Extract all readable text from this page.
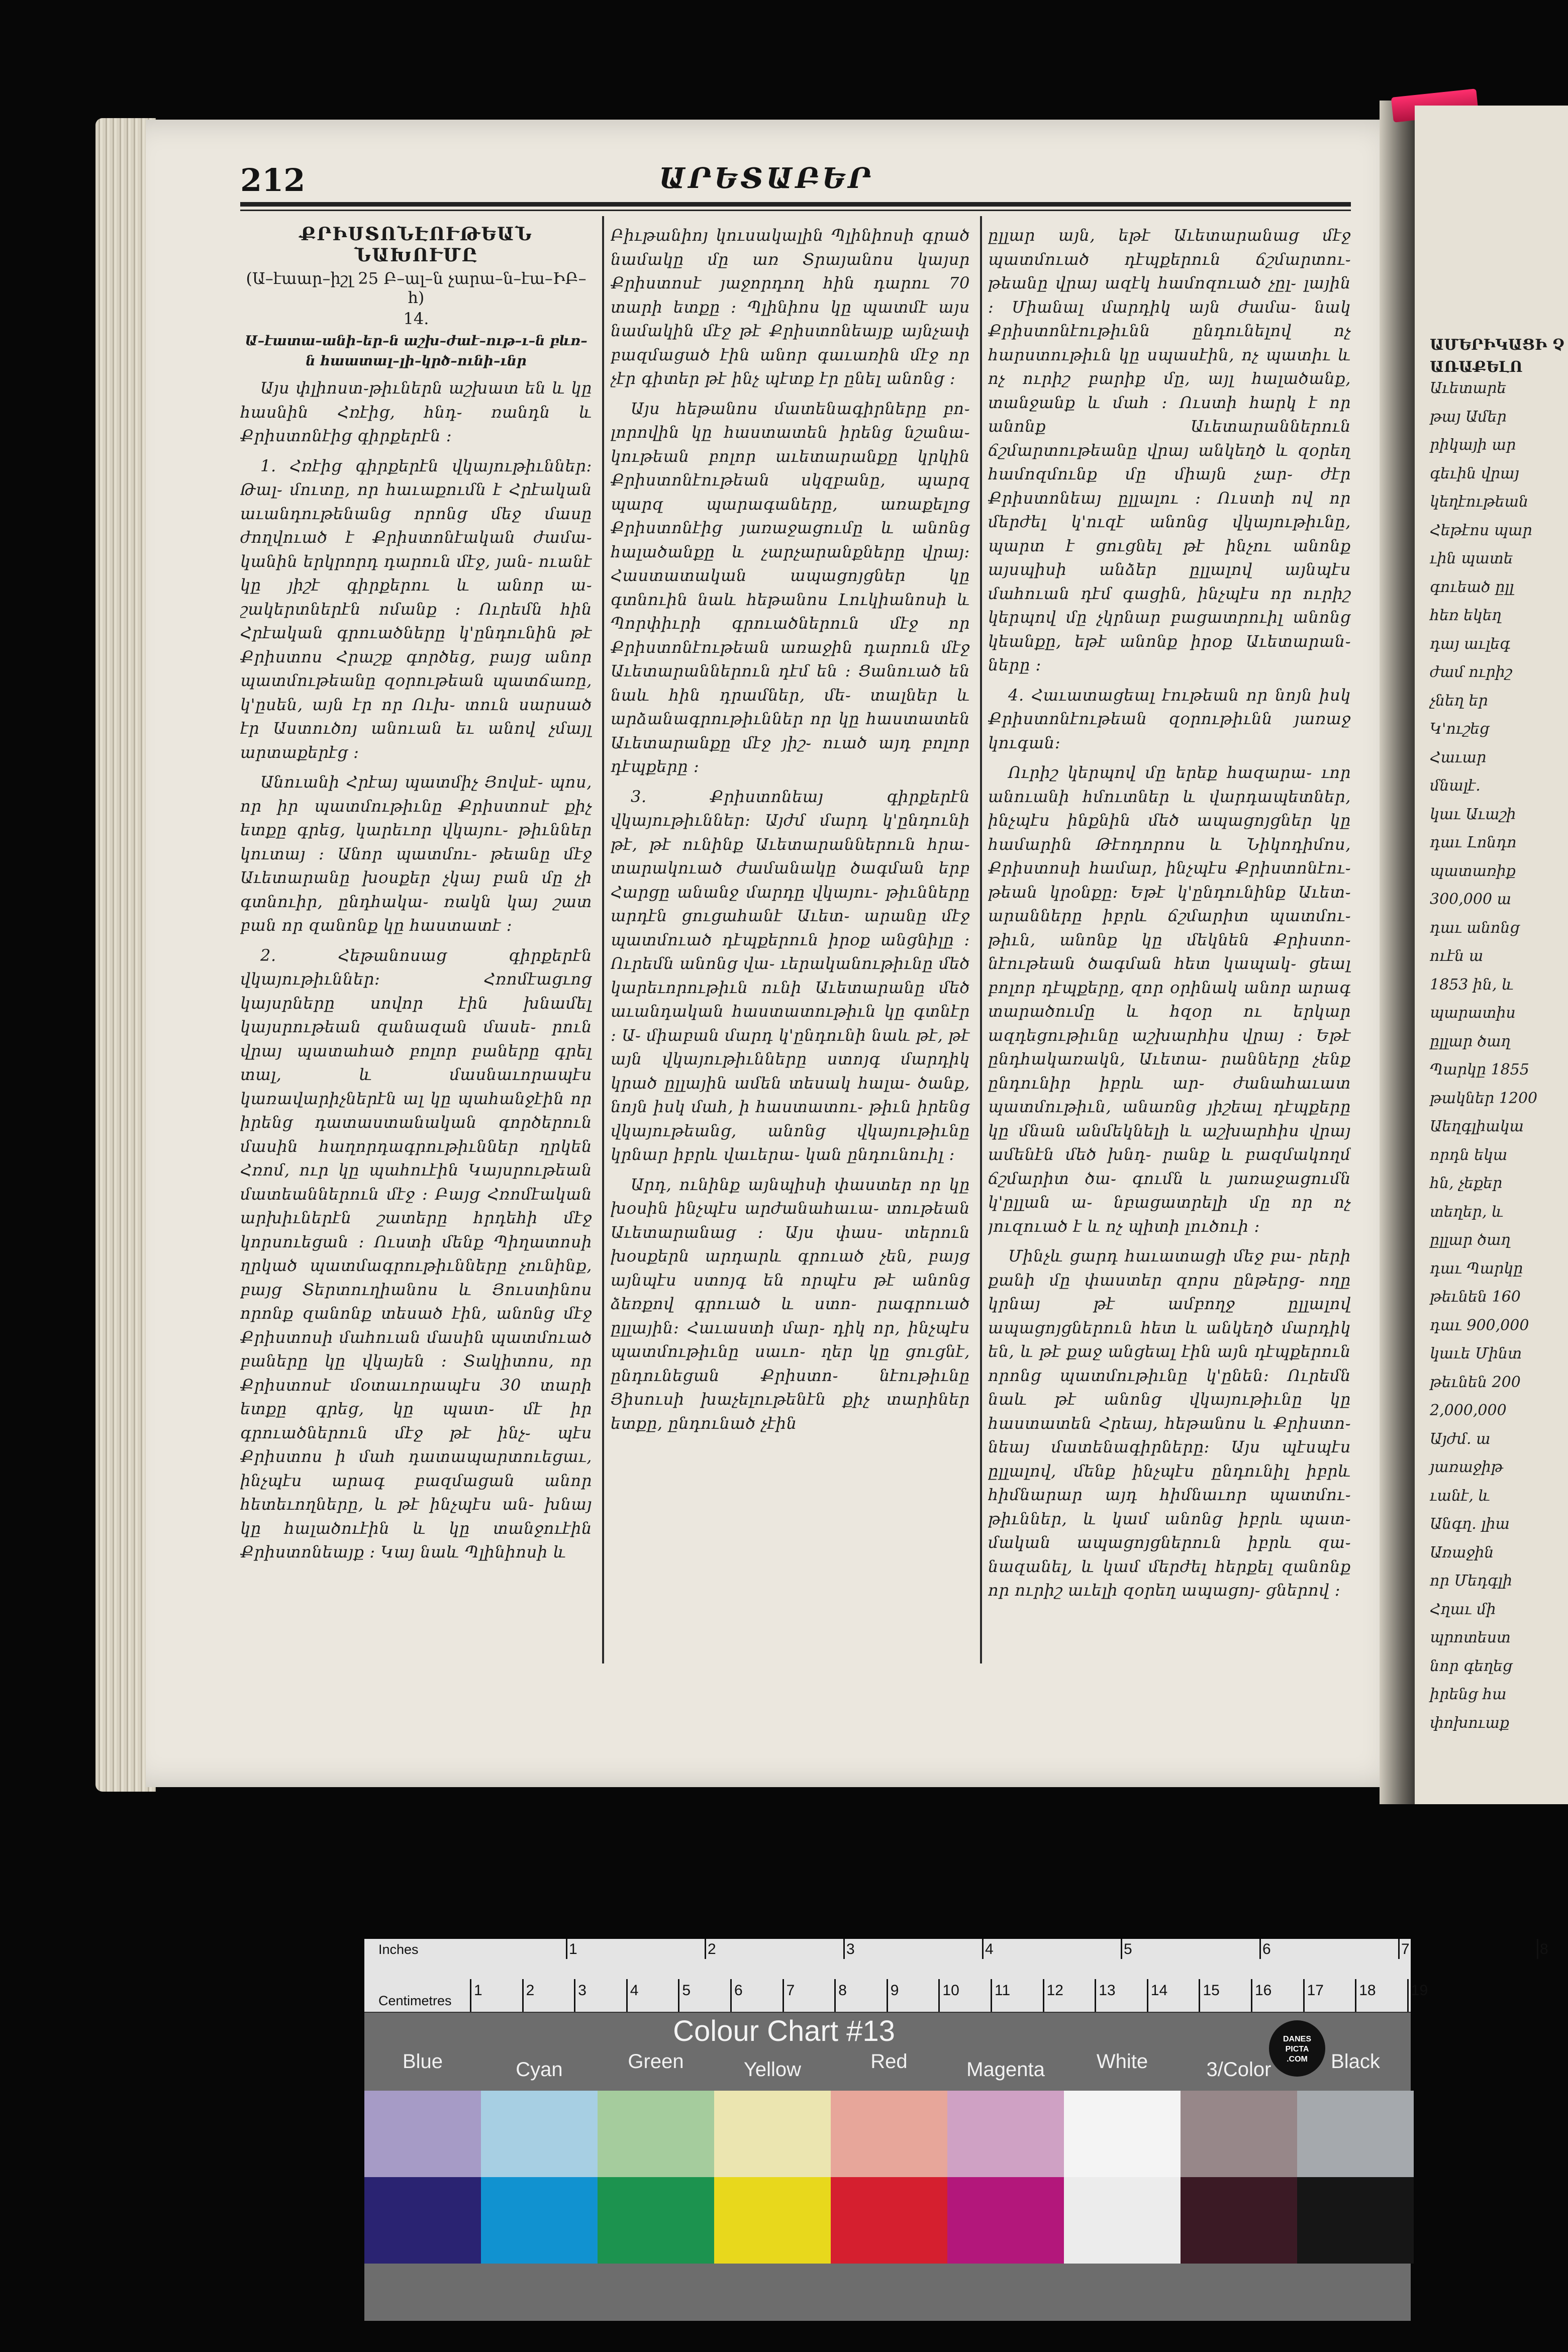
ԱՄԵՐԻԿԱՑԻ Չ
ԱՌԱՔԵԼՈ
Աւետարե
թայ Ամեր
րիկայի ար
գեւին վրայ
կեղէութեան
Հեթէոս պար
ւին պատե
գուեած ըլլ
հեռ եկեղ
դայ աւլեգ
ժամ ուրիշ
չնեղ եր
Կ'ուշեց
Հաւար
մնալէ.
կաւ Աւաշի
դաւ Լոնդո
պատառիք
300,000 ա
դաւ անոնց
ուէն ա
1853 ին, և
պարատիս
ըլլար ծաղ
Պարկը 1855
թակներ 1200
Աեղգլիակա
որդն եկա
հն, չեքեր
տեղեր, և
ըլլար ծաղ
դաւ Պարկը
թեւնեն 160
դաւ 900,000
կաւե Մինտ
թեւնեն 200
2,000,000
Այժմ. ա
յառաջիթ
ւանէ, և
Անգղ. լիա
Առաջին
որ Մեդգլի
Հղաւ մի
պրոտեստ
նոր գեղեց
իրենց հա
փոխուաք
212	ԱՐԵՏԱԲԵՐ
ՔՐԻՍՏՈՆԷՈՒԹԵԱՆ ՆԱԽՈՒՄԸ
(Ա–էաար–իշլ 25 Բ–ալ–ն չարա–ն–էա–ԻԲ–հ)
14.
Ա–էատա–անի–եր–ն աշխ–ժաէ–ութ–ւ–ն բևռ–ն հաատալ–լի–կրծ–ունի–ւնր

Այս փլիոստ֊թիւներն աշխատ են և կը հասնին Հռէից, հնդ֊ ռանդն և Քրիստոնէից գիրքերէն ։

1. Հռէից գիրքերէն վկայութիւններ։ Թալ֊ մուտը, որ հաւաքումն է Հրէական աւանդութենանց որոնց մեջ մասը ժողվուած է Քրիստոնէական ժամա֊ կանին երկրորդ դարուն մէջ, յան֊ ուանէ կը յիշէ գիրքերու և անոր ա֊ շակերտներէն ոմանք ։ Ուրեմն հին Հրէական գրուածները կ'ընդունին թէ Քրիստոս Հրաշք գործեց, բայց անոր պատմութեանը զօրութեան պատճառը, կ'ըսեն, այն էր որ Ուխ֊ տուն սարսած էր Աստուծոյ անուան եւ անով չմայլ արտաքերէց ։

Անուանի Հրէայ պատմիչ Յովսէ֊ պոս, որ իր պատմութիւնը Քրիստոսէ քիչ ետքը գրեց, կարեւոր վկայու֊ թիւններ կուտայ ։ Անոր պատմու֊ թեանը մէջ Աւետարանը խօսքեր չկայ բան մը չի գտնուիր, ընդհակա֊ ռակն կայ շատ բան որ զանոնք կը հաստատէ ։

2. Հեթանոսաց գիրքերէն վկայութիւններ։ Հռոմէացւոց կայսրները սովոր էին խնամել կայսրութեան զանազան մասե֊ րուն վրայ պատահած բոլոր բաները գրել տալ, և մասնաւորապէս կառավարիչներէն ալ կը պահանջէին որ իրենց դատաստանական գործերուն մասին հաղորդագրութիւններ ղրկեն Հռոմ, ուր կը պահուէին Կայսրութեան մատեաններուն մէջ ։ Բայց Հռոմէական արխիւներէն շատերը հրդեհի մէջ կորսուեցան ։ Ուստի մենք Պիղատոսի ղրկած պատմագրութիւնները չունինք, բայց Տերտուղիանոս և Յուստինոս որոնք զանոնք տեսած էին, անոնց մէջ Քրիստոսի մահուան մասին պատմուած բաները կը վկայեն ։ Տակիտոս, որ Քրիստոսէ մօտաւորապէս 30 տարի ետքը գրեց, կը պատ֊ մէ իր գրուածներուն մէջ թէ ինչ֊ պէս Քրիստոս ի մահ դատապարտուեցաւ, ինչպէս արագ բազմացան անոր հետեւողները, և թէ ինչպէս ան֊ խնայ կը հալածուէին և կը տանջուէին Քրիստոնեայք ։ Կայ նաև Պլինիոսի և

Բիւթանիոյ կուսակալին Պլինիոսի գրած նամակը մը առ Տրայանոս կայսր Քրիստոսէ յաջորդող հին դարու 70 տարի ետքը ։ Պլինիոս կը պատմէ այս նամակին մէջ թէ Քրիստոնեայք այնչափ բազմացած էին անոր գաւառին մէջ որ չէր գիտեր թէ ինչ պէտք էր ընել անոնց ։

Այս հեթանոս մատենագիրները բո֊ լորովին կը հաստատեն իրենց նշանա֊ կութեան բոլոր աւետարանքը կրկին Քրիստոնէութեան սկզբանը, պարզ պարզ պարագաները, առաքելոց Քրիստոնէից յառաջացումը և անոնց հալածանքը և չարչարանքները վրայ։ Հաստատական ապացոյցներ կը գտնուին նաև հեթանոս Լուկիանոսի և Պորփիւրի գրուածներուն մէջ որ Քրիստոնէութեան առաջին դարուն մէջ Աւետարաններուն դէմ են ։ Ցանուած են նաև հին դրամներ, մե֊ տալներ և արձանագրութիւններ որ կը հաստատեն Աւետարանքը մէջ յիշ֊ ուած այդ բոլոր դէպքերը ։

3. Քրիստոնեայ գիրքերէն վկայութիւններ։ Այժմ մարդ կ'ընդունի թէ, թէ ունինք Աւետարաններուն հրա֊ տարակուած ժամանակը ծագման երբ Հարցը անանջ մարդը վկայու֊ թիւնները արդէն ցուցահանէ Աւետ֊ արանը մէջ պատմուած դէպքերուն իրօք անցնիլը ։ Ուրեմն անոնց վա֊ ւերականութիւնը մեծ կարեւորութիւն ունի Աւետարանը մեծ աւանդական հաստատութիւն կը գտնէր ։ Ա֊ միաբան մարդ կ'ընդունի նաև թէ, թէ այն վկայութիւնները ստոյգ մարդիկ կրած ըլլային ամեն տեսակ հալա֊ ծանք, նոյն իսկ մահ, ի հաստատու֊ թիւն իրենց վկայութեանց, անոնց վկայութիւնը կրնար իբրև վաւերա֊ կան ընդունուիլ ։

Արդ, ունինք այնպիսի փաստեր որ կը խօսին ինչպէս արժանահաւա֊ տութեան Աւետարանաց ։ Այս փաս֊ տերուն խօսքերն արդարև գրուած չեն, բայց այնպէս ստոյգ են որպէս թէ անոնց ձեռքով գրուած և ստո֊ րագրուած ըլլային։ Հաւաստի մար֊ դիկ որ, ինչպէս պատմութիւնը սաւո֊ ղեր կը ցուցնէ, ընդունեցան Քրիստո֊ նէութիւնը Յիսուսի խաչելութենէն քիչ տարիներ ետքը, ընդունած չէին

ըլլար այն, եթէ Աւետարանաց մէջ պատմուած դէպքերուն ճշմարտու֊ թեանը վրայ ազէկ համոզուած չըլ֊ լային ։ Միանալ մարդիկ այն ժամա֊ նակ Քրիստոնէութիւնն ընդունելով ոչ հարստութիւն կը սպասէին, ոչ պատիւ և ոչ ուրիշ բարիք մը, այլ հալածանք, տանջանք և մահ ։ Ուստի հարկ է որ անոնք Աւետարաններուն ճշմարտութեանը վրայ անկեղծ և զօրեղ համոզմունք մը միայն չար֊ ժէր Քրիստոնեայ ըլլալու ։ Ուստի ով որ մերժել կ'ուզէ անոնց վկայութիւնը, պարտ է ցուցնել թէ ինչու անոնք այսպիսի անձեր ըլլալով այնպէս մահուան դէմ գացին, ինչպէս որ ուրիշ կերպով մը չկրնար բացատրուիլ անոնց կեանքը, եթէ անոնք իրօք Աւետարան֊ ները ։

4. Հաւատացեալ էութեան որ նոյն իսկ Քրիստոնէութեան զօրութիւնն յառաջ կուգան։

Ուրիշ կերպով մը երեք հազարա֊ ւոր անուանի հմուտներ և վարդապետներ, ինչպէս ինքնին մեծ ապացոյցներ կը համարին Թէոդորոս և Նիկոդիմոս, Քրիստոսի համար, ինչպէս Քրիստոնէու֊ թեան կրօնքը։ Եթէ կ'ընդունինք Աւետ֊ արանները իբրև ճշմարիտ պատմու֊ թիւն, անոնք կը մեկնեն Քրիստո֊ նէութեան ծագման հետ կապակ֊ ցեալ բոլոր դէպքերը, զոր օրինակ անոր արագ տարածումը և հզօր ու երկար ազդեցութիւնը աշխարհիս վրայ ։ Եթէ ընդհակառակն, Աւետա֊ րանները չենք ընդունիր իբրև ար֊ ժանահաւատ պատմութիւն, անառնց յիշեալ դէպքերը կը մնան անմեկնելի և աշխարհիս վրայ ամենէն մեծ խնդ֊ րանք և բազմակողմ ճշմարիտ ծա֊ գումն և յառաջացումն կ'ըլլան ա֊ նբացատրելի մը որ ոչ յուզուած է և ոչ պիտի լուծուի ։

Մինչև ցարդ հաւատացի մեջ բա֊ րերի քանի մը փաստեր զորս ընթերց֊ ողը կրնայ թէ ամբողջ ըլլալով ապացոյցներուն հետ և անկեղծ մարդիկ են, և թէ քաջ անցեալ էին այն դէպքերուն որոնց պատմութիւնը կ'ընեն։ Ուրեմն նաև թէ անոնց վկայութիւնը կը հաստատեն Հրեայ, հեթանոս և Քրիստո֊ նեայ մատենագիրները։ Այս պէսպէս ըլլալով, մենք ինչպէս ընդունիլ իբրև հիմնարար այդ հիմնաւոր պատմու֊ թիւններ, և կամ անոնց իբրև պատ֊ մական ապացոյցներուն իբրև զա֊ նազանել, և կամ մերժել հերքել զանոնք որ ուրիշ աւելի զօրեղ ապացոյ֊ ցներով ։

Inches
Centimetres
1	2	3	4	5	6	7	8
1	2	3	4	5	6	7	8	9	10 11 12 13 14 15 16 17 18 19
Colour Chart #13	DANES
PICTA
.COM
Blue	Cyan	Green	Yellow	Red	Magenta	White	3/Color	Black
